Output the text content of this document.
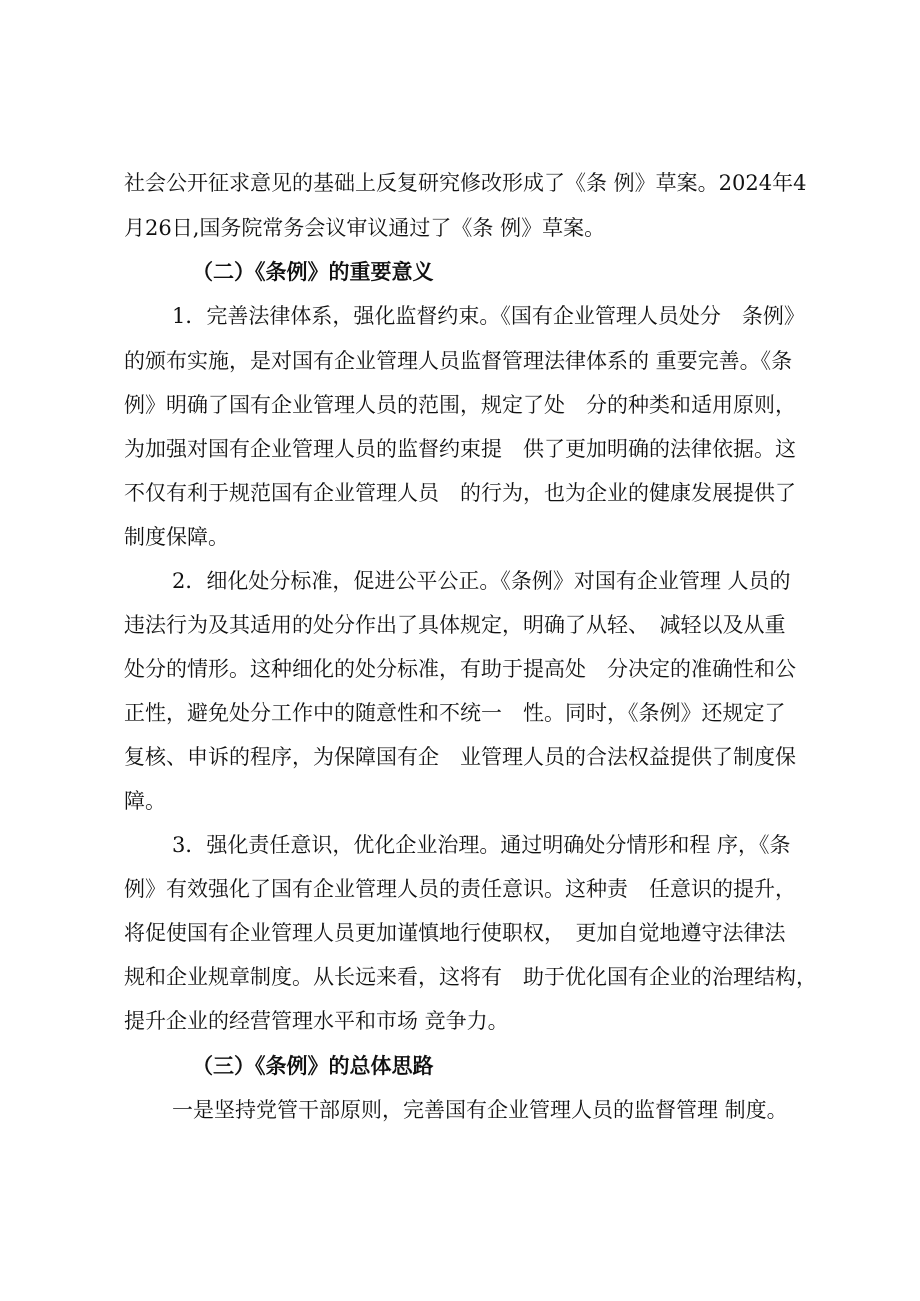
社会公开征求意见的基础上反复研究修改形成了《条 例》草案。2024年4
月26日,国务院常务会议审议通过了《条 例》草案。
（二）《条例》的重要意义
1．完善法律体系，强化监督约束。《国有企业管理人员处分　条例》
的颁布实施，是对国有企业管理人员监督管理法律体系的 重要完善。《条
例》明确了国有企业管理人员的范围，规定了处　分的种类和适用原则，
为加强对国有企业管理人员的监督约束提　供了更加明确的法律依据。这
不仅有利于规范国有企业管理人员　的行为，也为企业的健康发展提供了
制度保障。
2．细化处分标准，促进公平公正。《条例》对国有企业管理 人员的
违法行为及其适用的处分作出了具体规定，明确了从轻、　减轻以及从重
处分的情形。这种细化的处分标准，有助于提高处　分决定的准确性和公
正性，避免处分工作中的随意性和不统一　性。同时，《条例》还规定了
复核、申诉的程序，为保障国有企　业管理人员的合法权益提供了制度保
障。
3．强化责任意识，优化企业治理。通过明确处分情形和程 序，《条
例》有效强化了国有企业管理人员的责任意识。这种责　任意识的提升，
将促使国有企业管理人员更加谨慎地行使职权，　更加自觉地遵守法律法
规和企业规章制度。从长远来看，这将有　助于优化国有企业的治理结构，
提升企业的经营管理水平和市场 竞争力。
（三）《条例》的总体思路
一是坚持党管干部原则，完善国有企业管理人员的监督管理 制度。
